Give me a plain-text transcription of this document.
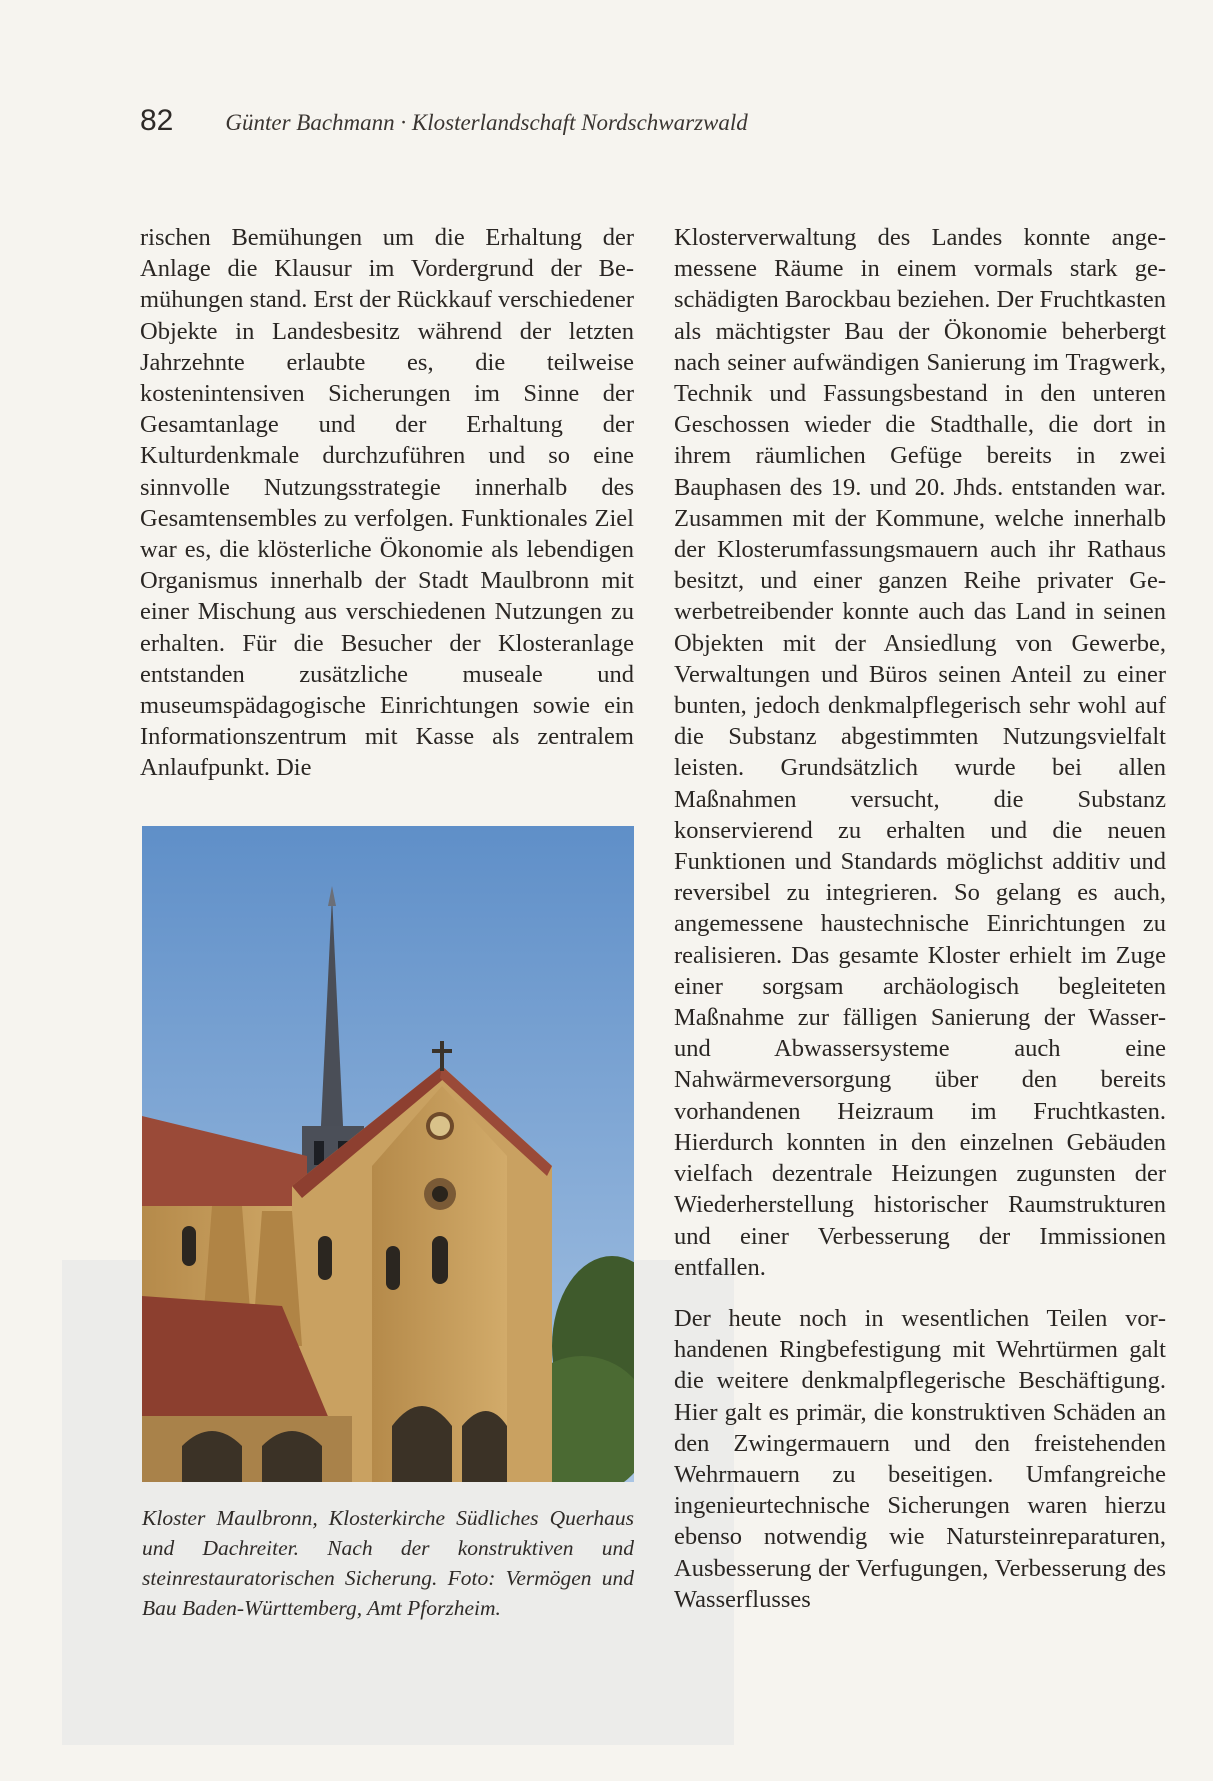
82 Günter Bachmann · Klosterlandschaft Nordschwarzwald

rischen Bemühungen um die Erhaltung der Anlage die Klausur im Vordergrund der Bemühungen stand. Erst der Rückkauf verschiedener Objekte in Landesbesitz während der letzten Jahrzehnte erlaubte es, die teilweise kostenintensiven Sicherungen im Sinne der Gesamtanlage und der Erhaltung der Kulturdenkmale durchzuführen und so eine sinnvolle Nutzungsstrategie innerhalb des Gesamtensembles zu verfolgen. Funktionales Ziel war es, die klösterliche Ökonomie als lebendigen Organismus innerhalb der Stadt Maulbronn mit einer Mischung aus verschiedenen Nutzungen zu erhalten. Für die Besucher der Klosteranlage entstanden zusätzliche museale und museumspädagogische Einrichtungen sowie ein Informationszentrum mit Kasse als zentralem Anlaufpunkt. Die

Kloster Maulbronn, Klosterkirche Südliches Querhaus und Dachreiter. Nach der konstruktiven und steinrestauratorischen Sicherung. Foto: Vermögen und Bau Baden-Württemberg, Amt Pforzheim.

Klosterverwaltung des Landes konnte angemessene Räume in einem vormals stark geschädigten Barockbau beziehen. Der Fruchtkasten als mächtigster Bau der Ökonomie beherbergt nach seiner aufwändigen Sanierung im Tragwerk, Technik und Fassungsbestand in den unteren Geschossen wieder die Stadthalle, die dort in ihrem räumlichen Gefüge bereits in zwei Bauphasen des 19. und 20. Jhds. entstanden war. Zusammen mit der Kommune, welche innerhalb der Klosterumfassungsmauern auch ihr Rathaus besitzt, und einer ganzen Reihe privater Gewerbetreibender konnte auch das Land in seinen Objekten mit der Ansiedlung von Gewerbe, Verwaltungen und Büros seinen Anteil zu einer bunten, jedoch denkmalpflegerisch sehr wohl auf die Substanz abgestimmten Nutzungsvielfalt leisten. Grundsätzlich wurde bei allen Maßnahmen versucht, die Substanz konservierend zu erhalten und die neuen Funktionen und Standards möglichst additiv und reversibel zu integrieren. So gelang es auch, angemessene haustechnische Einrichtungen zu realisieren. Das gesamte Kloster erhielt im Zuge einer sorgsam archäologisch begleiteten Maßnahme zur fälligen Sanierung der Wasser- und Abwassersysteme auch eine Nahwärmeversorgung über den bereits vorhandenen Heizraum im Fruchtkasten. Hierdurch konnten in den einzelnen Gebäuden vielfach dezentrale Heizungen zugunsten der Wiederherstellung historischer Raumstrukturen und einer Verbesserung der Immissionen entfallen.

Der heute noch in wesentlichen Teilen vorhandenen Ringbefestigung mit Wehrtürmen galt die weitere denkmalpflegerische Beschäftigung. Hier galt es primär, die konstruktiven Schäden an den Zwingermauern und den freistehenden Wehrmauern zu beseitigen. Umfangreiche ingenieurtechnische Sicherungen waren hierzu ebenso notwendig wie Natursteinreparaturen, Ausbesserung der Verfugungen, Verbesserung des Wasserflusses
